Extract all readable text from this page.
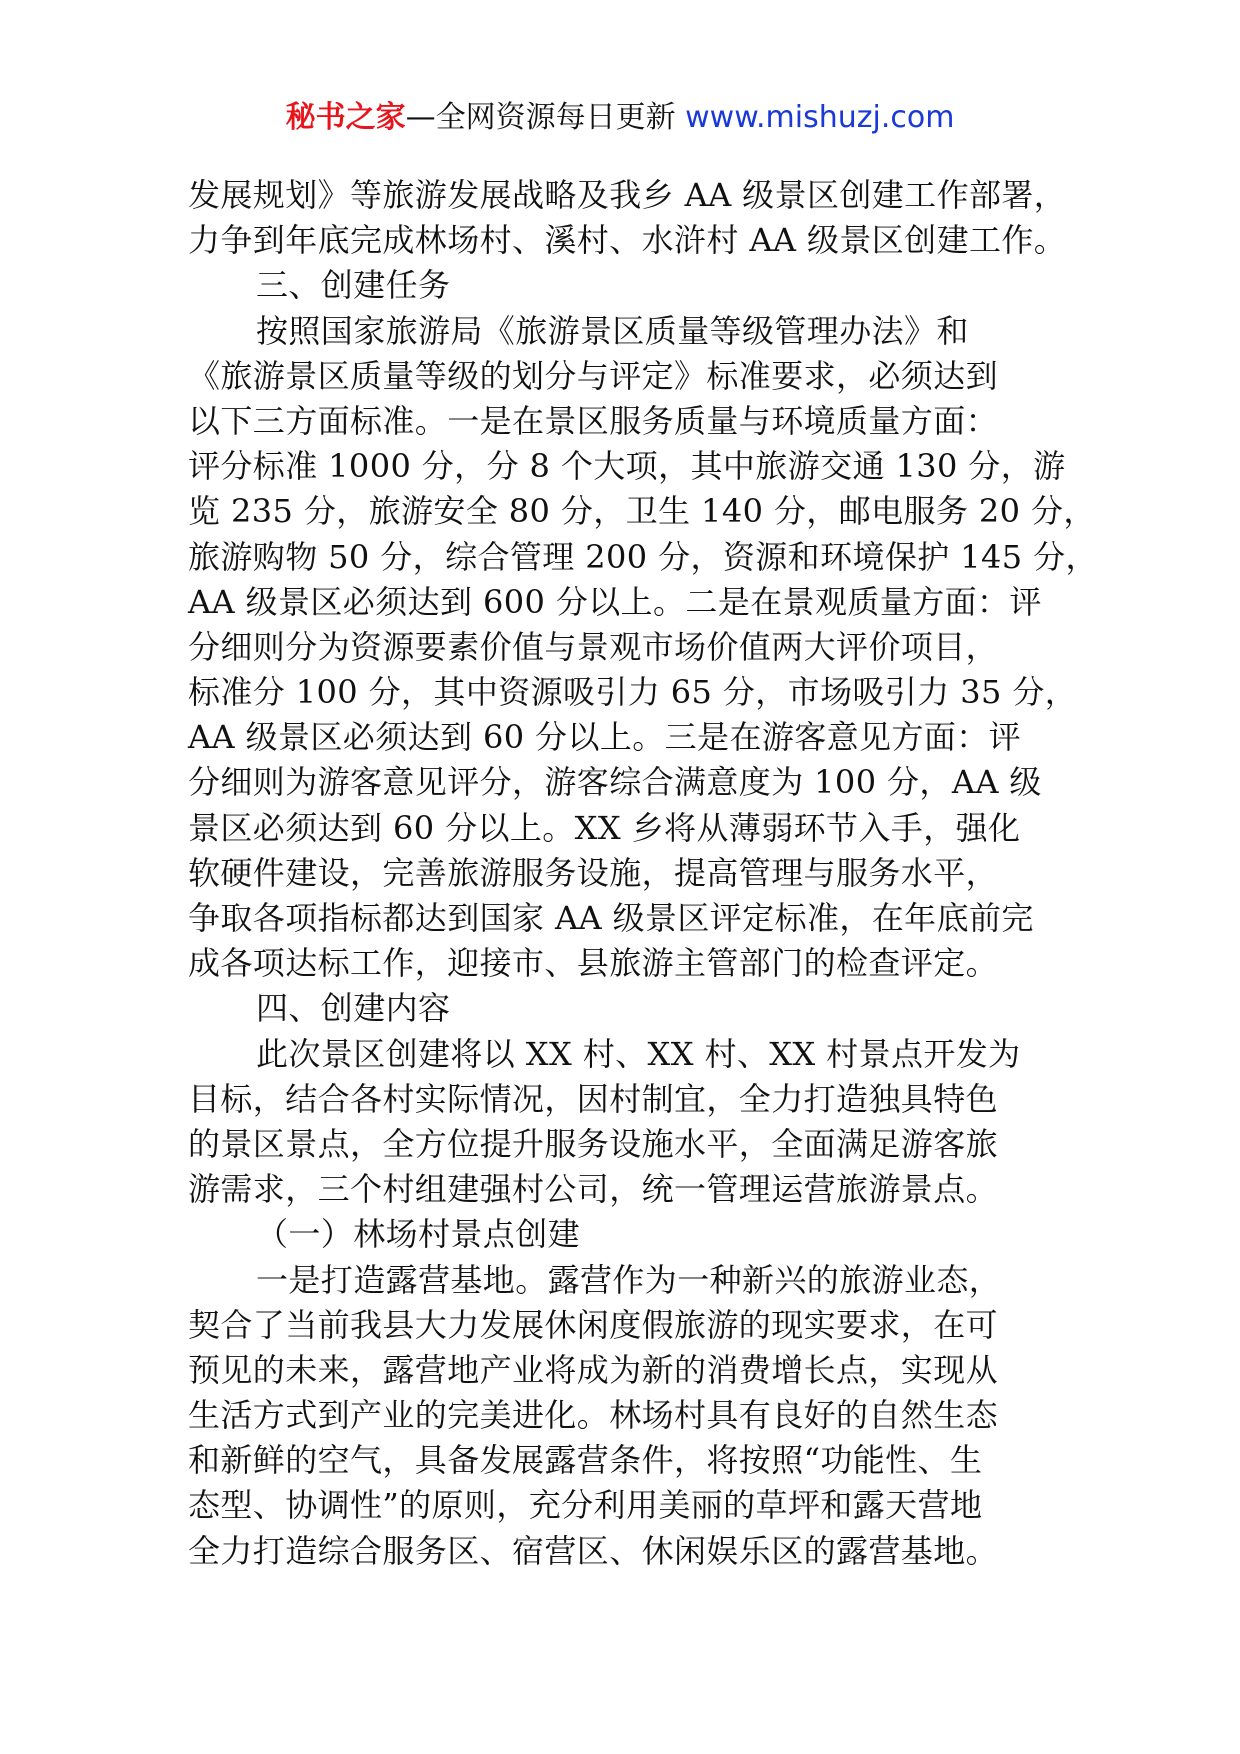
秘书之家—全网资源每日更新 www.mishuzj.com
发展规划》等旅游发展战略及我乡 AA 级景区创建工作部署，
力争到年底完成林场村、溪村、水浒村 AA 级景区创建工作。
三、创建任务
按照国家旅游局《旅游景区质量等级管理办法》和
《旅游景区质量等级的划分与评定》标准要求，必须达到
以下三方面标准。一是在景区服务质量与环境质量方面：
评分标准 1000 分，分 8 个大项，其中旅游交通 130 分，游
览 235 分，旅游安全 80 分，卫生 140 分，邮电服务 20 分，
旅游购物 50 分，综合管理 200 分，资源和环境保护 145 分，
AA 级景区必须达到 600 分以上。二是在景观质量方面：评
分细则分为资源要素价值与景观市场价值两大评价项目，
标准分 100 分，其中资源吸引力 65 分，市场吸引力 35 分，
AA 级景区必须达到 60 分以上。三是在游客意见方面：评
分细则为游客意见评分，游客综合满意度为 100 分，AA 级
景区必须达到 60 分以上。XX 乡将从薄弱环节入手，强化
软硬件建设，完善旅游服务设施，提高管理与服务水平，
争取各项指标都达到国家 AA 级景区评定标准，在年底前完
成各项达标工作，迎接市、县旅游主管部门的检查评定。
四、创建内容
此次景区创建将以 XX 村、XX 村、XX 村景点开发为
目标，结合各村实际情况，因村制宜，全力打造独具特色
的景区景点，全方位提升服务设施水平，全面满足游客旅
游需求，三个村组建强村公司，统一管理运营旅游景点。
（一）林场村景点创建
一是打造露营基地。露营作为一种新兴的旅游业态，
契合了当前我县大力发展休闲度假旅游的现实要求，在可
预见的未来，露营地产业将成为新的消费增长点，实现从
生活方式到产业的完美进化。林场村具有良好的自然生态
和新鲜的空气，具备发展露营条件，将按照“功能性、生
态型、协调性”的原则，充分利用美丽的草坪和露天营地
全力打造综合服务区、宿营区、休闲娱乐区的露营基地。
